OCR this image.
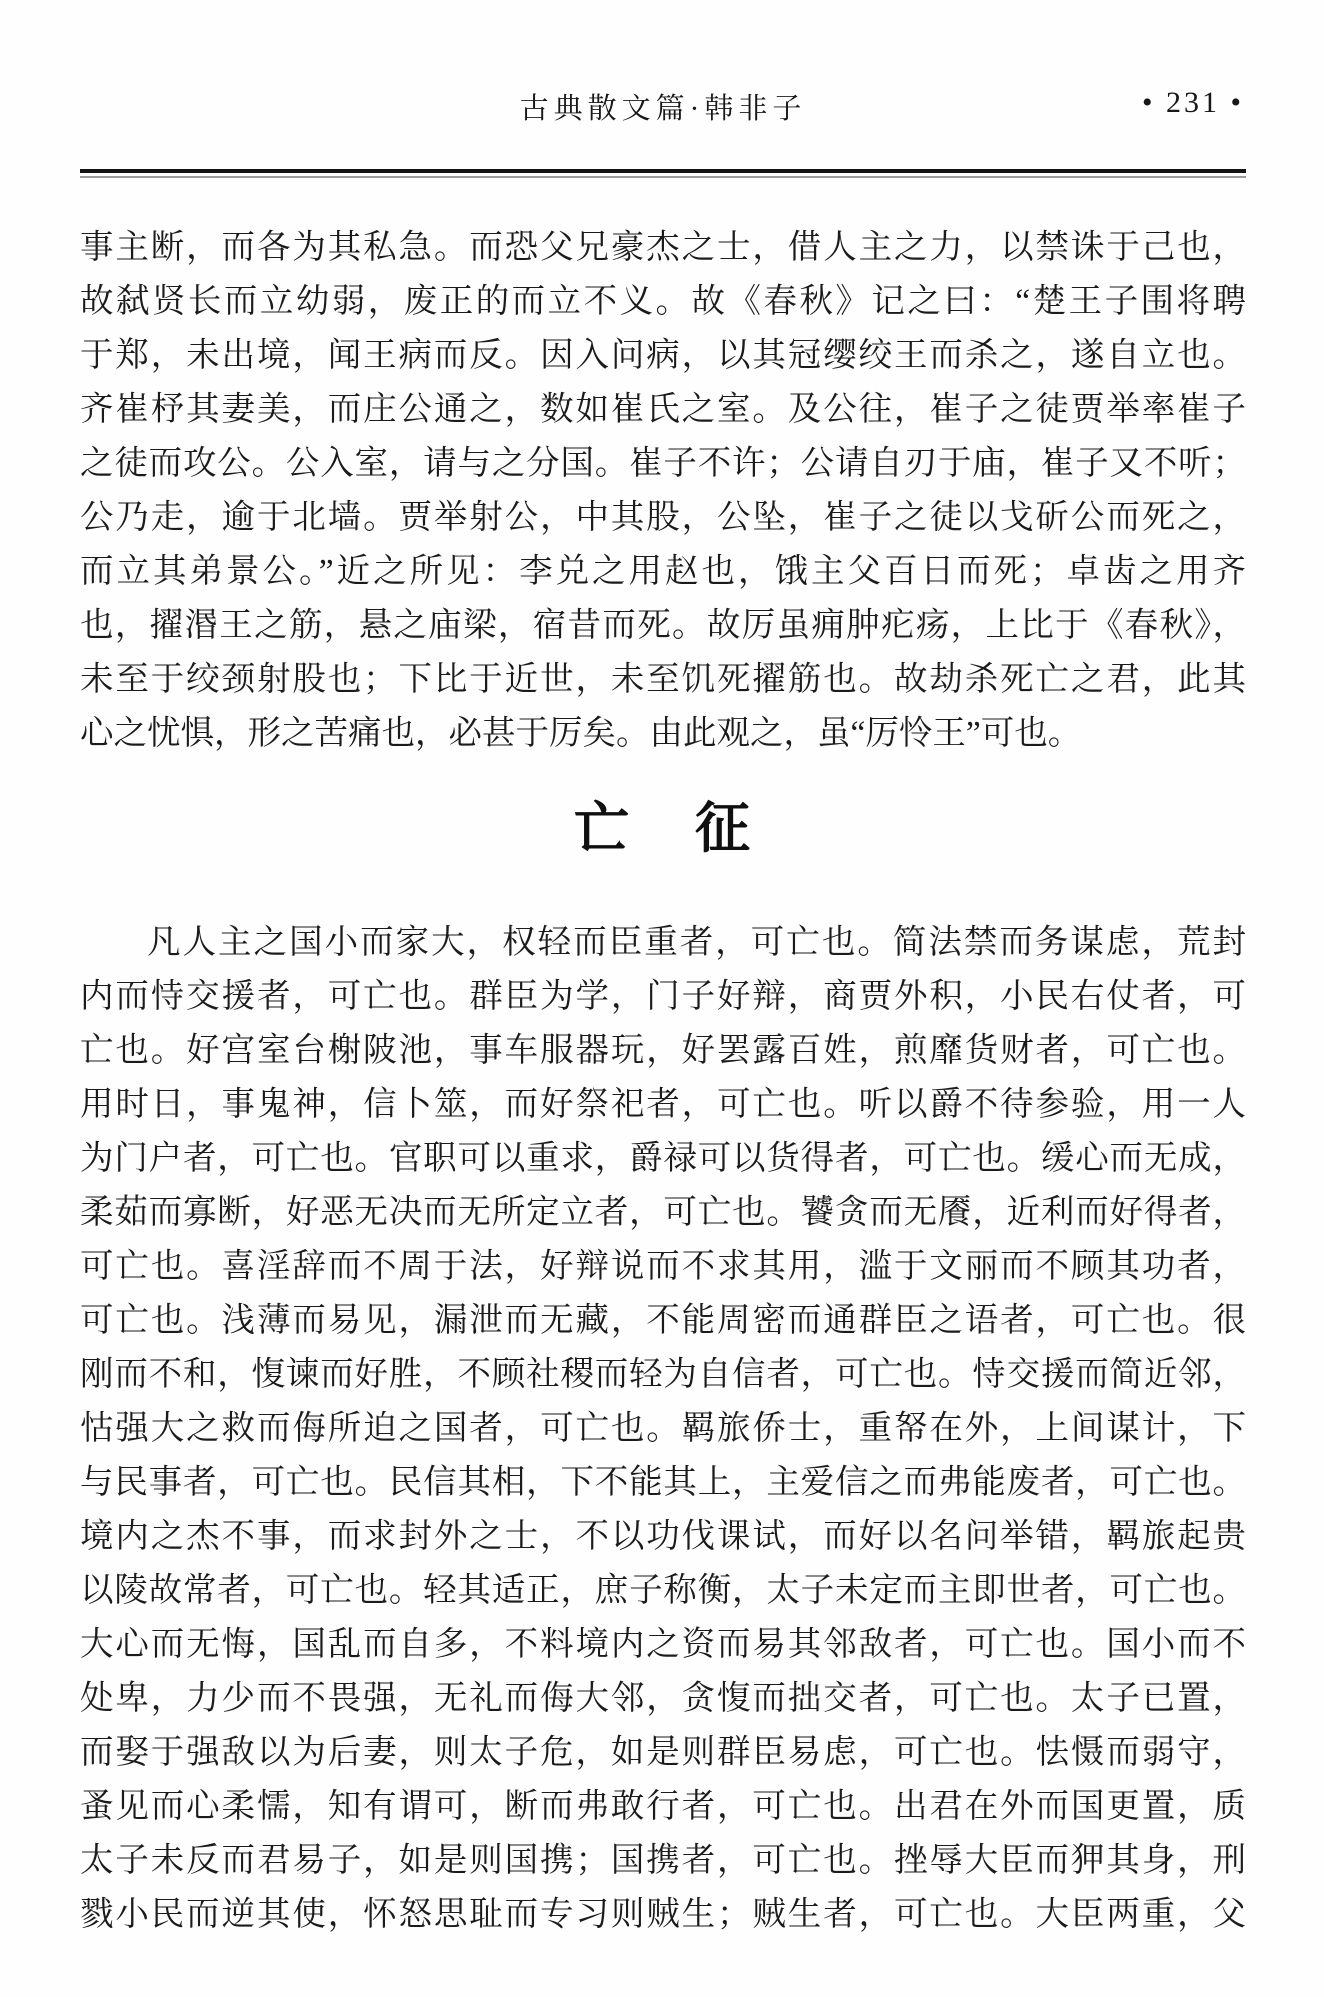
古典散文篇·韩非子	• 231 •
事主断，而各为其私急。而恐父兄豪杰之士，借人主之力，以禁诛于己也，
故弑贤长而立幼弱，废正的而立不义。故《春秋》记之曰：“楚王子围将聘
于郑，未出境，闻王病而反。因入问病，以其冠缨绞王而杀之，遂自立也。
齐崔杼其妻美，而庄公通之，数如崔氏之室。及公往，崔子之徒贾举率崔子
之徒而攻公。公入室，请与之分国。崔子不许；公请自刃于庙，崔子又不听；
公乃走，逾于北墙。贾举射公，中其股，公坠，崔子之徒以戈斫公而死之，
而立其弟景公。”近之所见：李兑之用赵也，饿主父百日而死；卓齿之用齐
也，擢湣王之筋，悬之庙梁，宿昔而死。故厉虽痈肿疕疡，上比于《春秋》，
未至于绞颈射股也；下比于近世，未至饥死擢筋也。故劫杀死亡之君，此其
心之忧惧，形之苦痛也，必甚于厉矣。由此观之，虽“厉怜王”可也。
亡 征
凡人主之国小而家大，权轻而臣重者，可亡也。简法禁而务谋虑，荒封
内而恃交援者，可亡也。群臣为学，门子好辩，商贾外积，小民右仗者，可
亡也。好宫室台榭陂池，事车服器玩，好罢露百姓，煎靡货财者，可亡也。
用时日，事鬼神，信卜筮，而好祭祀者，可亡也。听以爵不待参验，用一人
为门户者，可亡也。官职可以重求，爵禄可以货得者，可亡也。缓心而无成，
柔茹而寡断，好恶无决而无所定立者，可亡也。饕贪而无餍，近利而好得者，
可亡也。喜淫辞而不周于法，好辩说而不求其用，滥于文丽而不顾其功者，
可亡也。浅薄而易见，漏泄而无藏，不能周密而通群臣之语者，可亡也。很
刚而不和，愎谏而好胜，不顾社稷而轻为自信者，可亡也。恃交援而简近邻，
怙强大之救而侮所迫之国者，可亡也。羁旅侨士，重帑在外，上间谋计，下
与民事者，可亡也。民信其相，下不能其上，主爱信之而弗能废者，可亡也。
境内之杰不事，而求封外之士，不以功伐课试，而好以名问举错，羁旅起贵
以陵故常者，可亡也。轻其适正，庶子称衡，太子未定而主即世者，可亡也。
大心而无悔，国乱而自多，不料境内之资而易其邻敌者，可亡也。国小而不
处卑，力少而不畏强，无礼而侮大邻，贪愎而拙交者，可亡也。太子已置，
而娶于强敌以为后妻，则太子危，如是则群臣易虑，可亡也。怯慑而弱守，
蚤见而心柔懦，知有谓可，断而弗敢行者，可亡也。出君在外而国更置，质
太子未反而君易子，如是则国携；国携者，可亡也。挫辱大臣而狎其身，刑
戮小民而逆其使，怀怒思耻而专习则贼生；贼生者，可亡也。大臣两重，父
